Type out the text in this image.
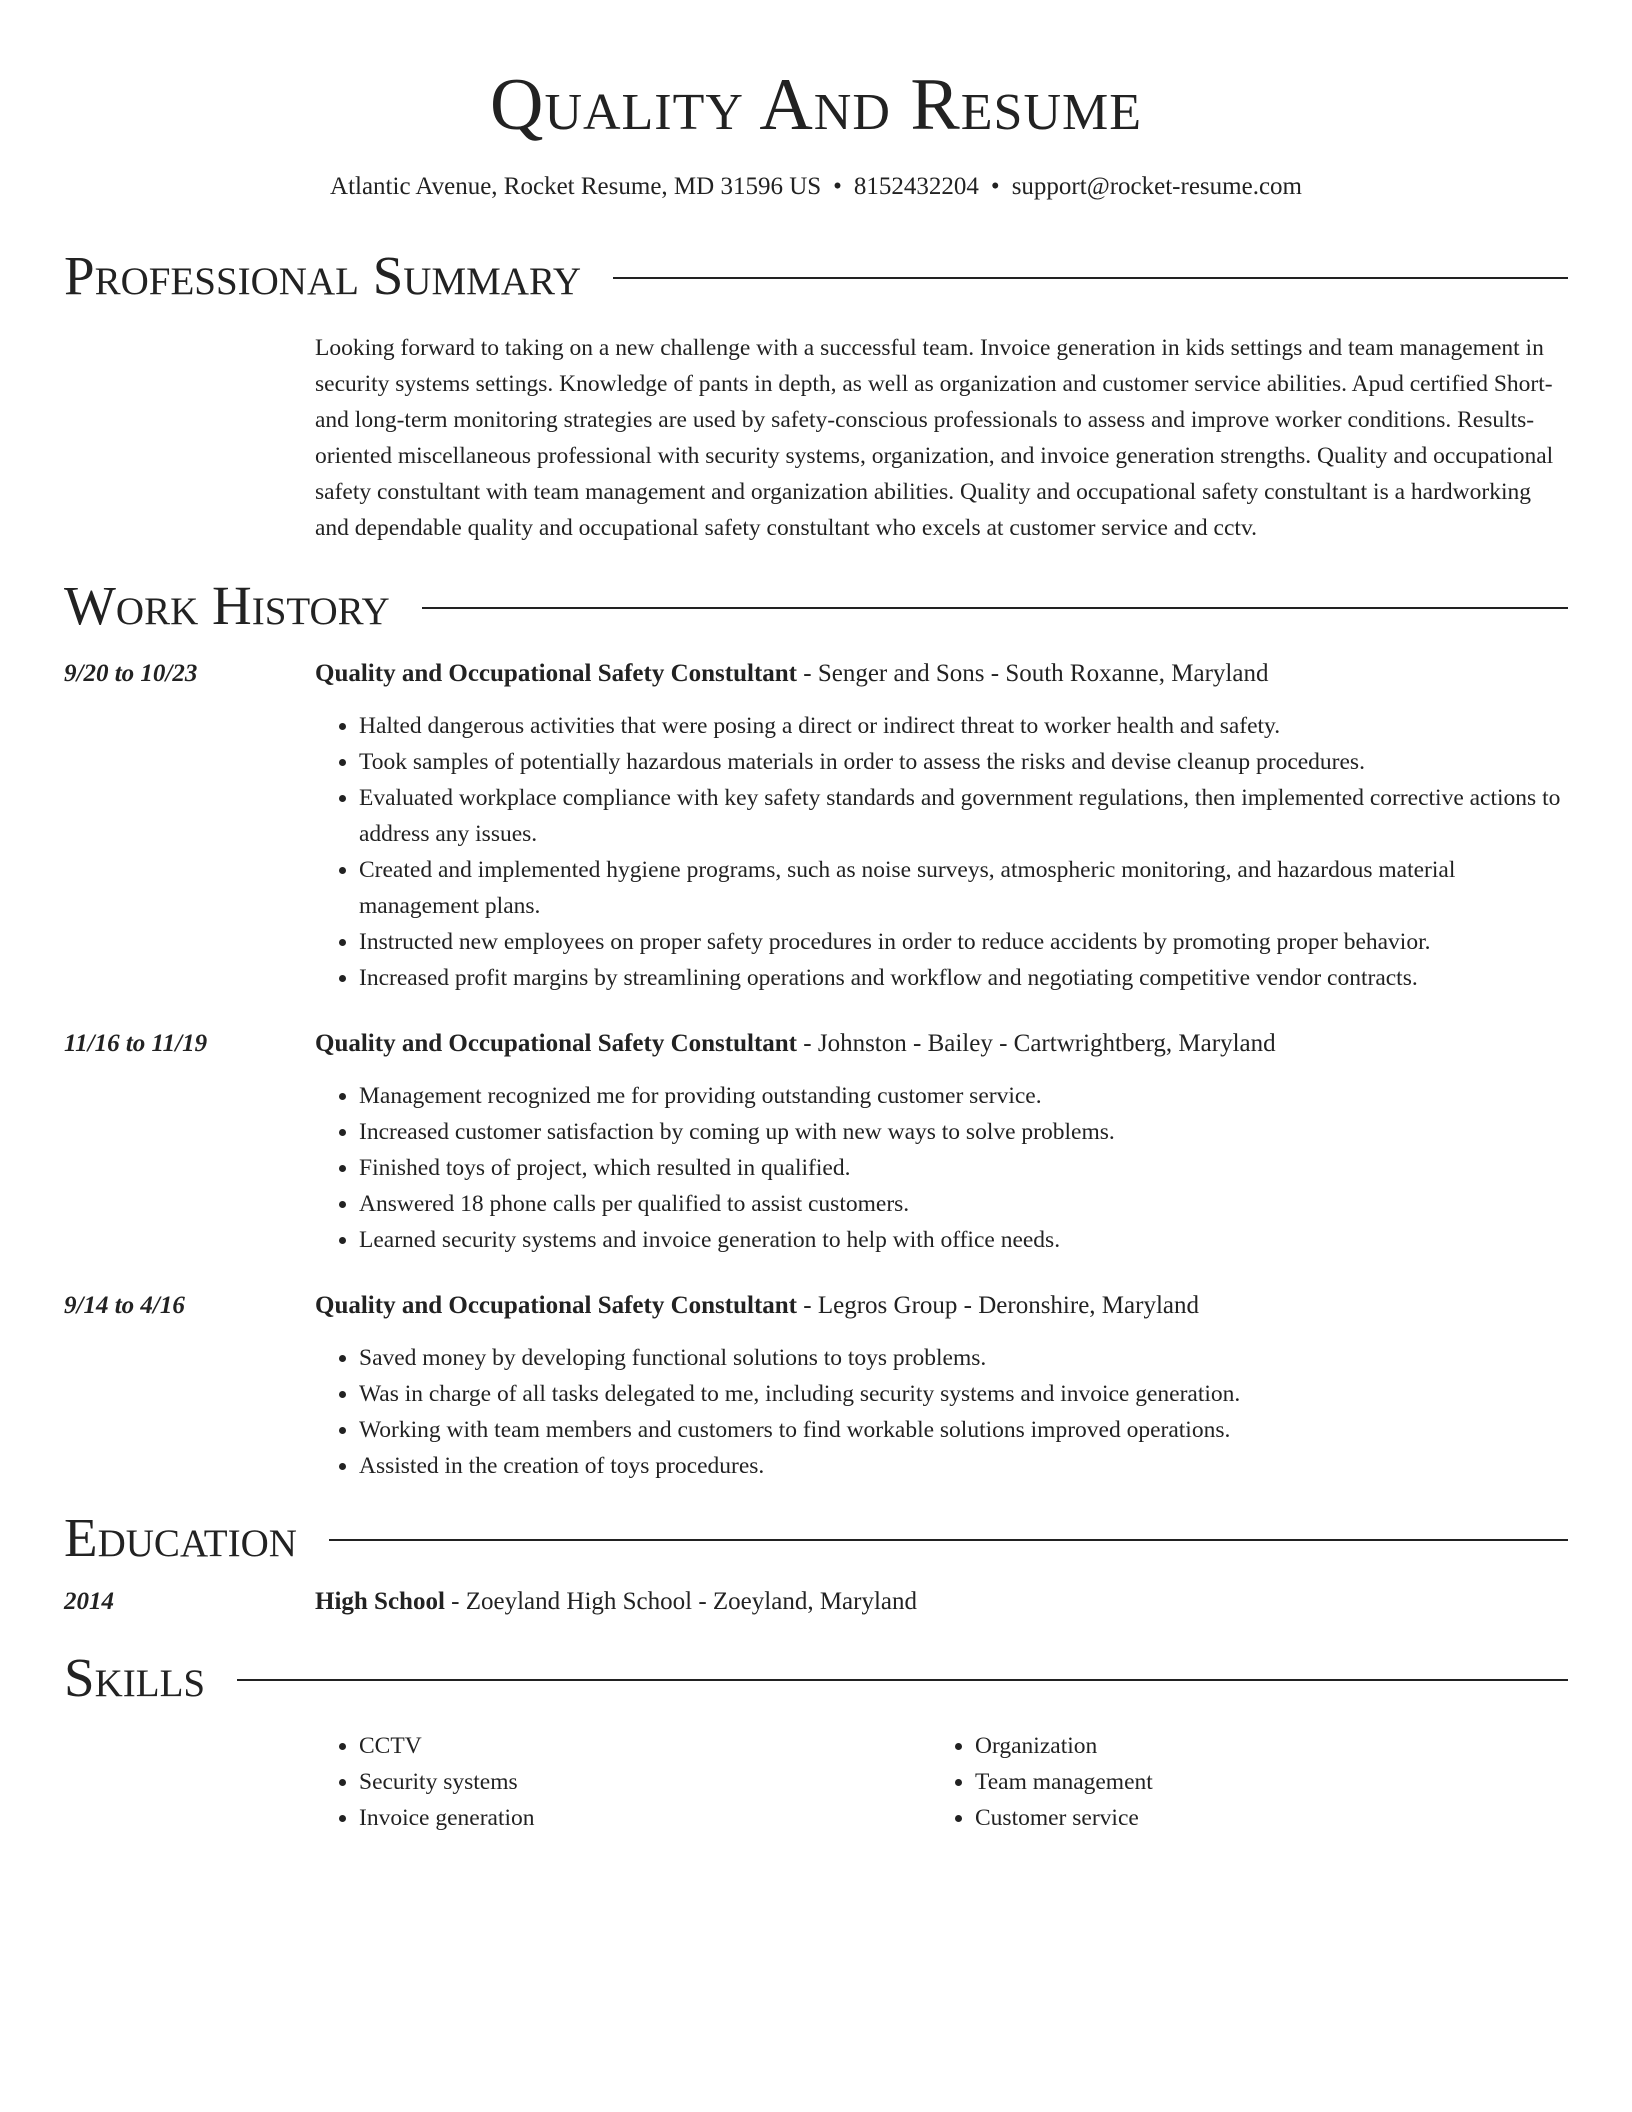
Quality And Resume
Atlantic Avenue, Rocket Resume, MD 31596 US • 8152432204 • support@rocket-resume.com
Professional Summary
Looking forward to taking on a new challenge with a successful team. Invoice generation in kids settings and team management in security systems settings. Knowledge of pants in depth, as well as organization and customer service abilities. Apud certified Short- and long-term monitoring strategies are used by safety-conscious professionals to assess and improve worker conditions. Results-oriented miscellaneous professional with security systems, organization, and invoice generation strengths. Quality and occupational safety constultant with team management and organization abilities. Quality and occupational safety constultant is a hardworking and dependable quality and occupational safety constultant who excels at customer service and cctv.
Work History
9/20 to 10/23	Quality and Occupational Safety Constultant - Senger and Sons - South Roxanne, Maryland
• Halted dangerous activities that were posing a direct or indirect threat to worker health and safety.
• Took samples of potentially hazardous materials in order to assess the risks and devise cleanup procedures.
• Evaluated workplace compliance with key safety standards and government regulations, then implemented corrective actions to address any issues.
• Created and implemented hygiene programs, such as noise surveys, atmospheric monitoring, and hazardous material management plans.
• Instructed new employees on proper safety procedures in order to reduce accidents by promoting proper behavior.
• Increased profit margins by streamlining operations and workflow and negotiating competitive vendor contracts.
11/16 to 11/19	Quality and Occupational Safety Constultant - Johnston - Bailey - Cartwrightberg, Maryland
• Management recognized me for providing outstanding customer service.
• Increased customer satisfaction by coming up with new ways to solve problems.
• Finished toys of project, which resulted in qualified.
• Answered 18 phone calls per qualified to assist customers.
• Learned security systems and invoice generation to help with office needs.
9/14 to 4/16	Quality and Occupational Safety Constultant - Legros Group - Deronshire, Maryland
• Saved money by developing functional solutions to toys problems.
• Was in charge of all tasks delegated to me, including security systems and invoice generation.
• Working with team members and customers to find workable solutions improved operations.
• Assisted in the creation of toys procedures.
Education
2014	High School - Zoeyland High School - Zoeyland, Maryland
Skills
• CCTV
• Security systems
• Invoice generation
• Organization
• Team management
• Customer service
